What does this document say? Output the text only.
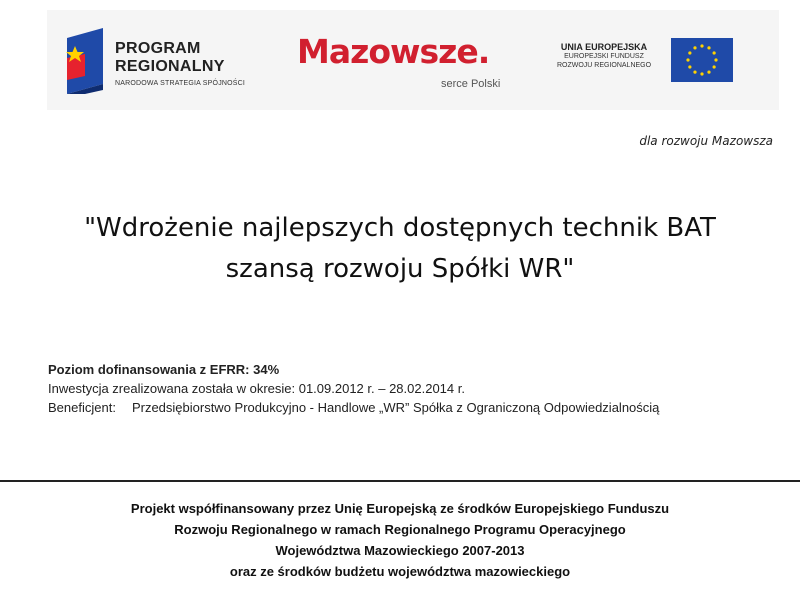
PROGRAM
REGIONALNY
NARODOWA STRATEGIA SPÓJNOŚCI
Mazowsze.
serce Polski
UNIA EUROPEJSKA
EUROPEJSKI FUNDUSZ
ROZWOJU REGIONALNEGO
dla rozwoju Mazowsza
"Wdrożenie najlepszych dostępnych technik BAT
szansą rozwoju Spółki WR"
Poziom dofinansowania z EFRR: 34%
Inwestycja zrealizowana została w okresie: 01.09.2012 r. – 28.02.2014 r.
Beneficjent: Przedsiębiorstwo Produkcyjno - Handlowe „WR” Spółka z Ograniczoną Odpowiedzialnością
Projekt współfinansowany przez Unię Europejską ze środków Europejskiego Funduszu
Rozwoju Regionalnego w ramach Regionalnego Programu Operacyjnego
Województwa Mazowieckiego 2007-2013
oraz ze środków budżetu województwa mazowieckiego
